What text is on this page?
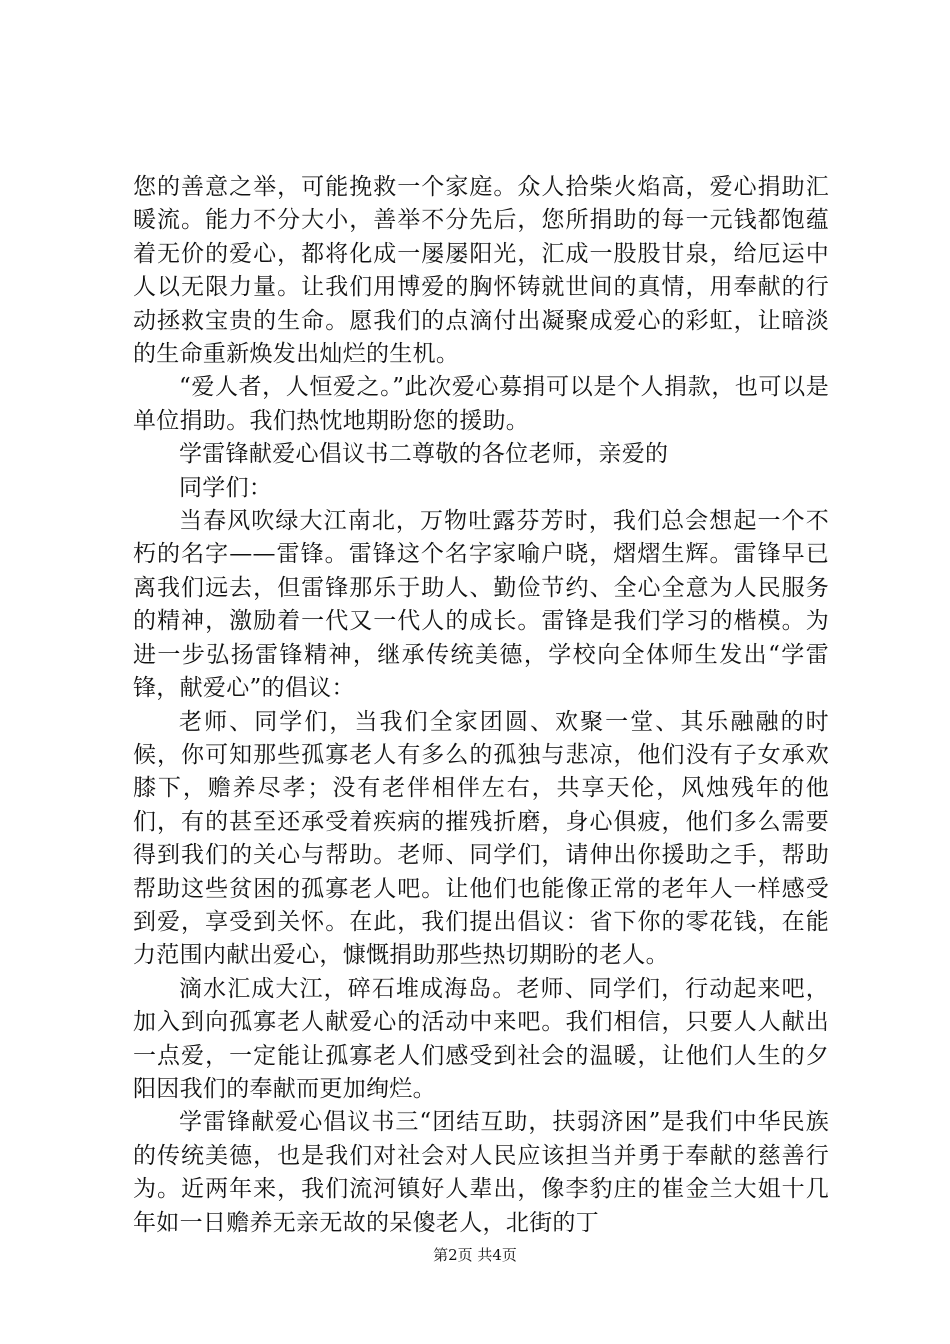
您的善意之举，可能挽救一个家庭。众人拾柴火焰高，爱心捐助汇暖流。能力不分大小，善举不分先后，您所捐助的每一元钱都饱蕴着无价的爱心，都将化成一屡屡阳光，汇成一股股甘泉，给厄运中人以无限力量。让我们用博爱的胸怀铸就世间的真情，用奉献的行动拯救宝贵的生命。愿我们的点滴付出凝聚成爱心的彩虹，让暗淡的生命重新焕发出灿烂的生机。

“爱人者，人恒爱之。”此次爱心募捐可以是个人捐款，也可以是单位捐助。我们热忱地期盼您的援助。

学雷锋献爱心倡议书二尊敬的各位老师，亲爱的

同学们：

当春风吹绿大江南北，万物吐露芬芳时，我们总会想起一个不朽的名字——雷锋。雷锋这个名字家喻户晓，熠熠生辉。雷锋早已离我们远去，但雷锋那乐于助人、勤俭节约、全心全意为人民服务的精神，激励着一代又一代人的成长。雷锋是我们学习的楷模。为进一步弘扬雷锋精神，继承传统美德，学校向全体师生发出“学雷锋，献爱心”的倡议：

老师、同学们，当我们全家团圆、欢聚一堂、其乐融融的时候，你可知那些孤寡老人有多么的孤独与悲凉，他们没有子女承欢膝下，赡养尽孝；没有老伴相伴左右，共享天伦，风烛残年的他们，有的甚至还承受着疾病的摧残折磨，身心俱疲，他们多么需要得到我们的关心与帮助。老师、同学们，请伸出你援助之手，帮助帮助这些贫困的孤寡老人吧。让他们也能像正常的老年人一样感受到爱，享受到关怀。在此，我们提出倡议：省下你的零花钱，在能力范围内献出爱心，慷慨捐助那些热切期盼的老人。

滴水汇成大江，碎石堆成海岛。老师、同学们，行动起来吧，加入到向孤寡老人献爱心的活动中来吧。我们相信，只要人人献出一点爱，一定能让孤寡老人们感受到社会的温暖，让他们人生的夕阳因我们的奉献而更加绚烂。

学雷锋献爱心倡议书三“团结互助，扶弱济困”是我们中华民族的传统美德，也是我们对社会对人民应该担当并勇于奉献的慈善行为。近两年来，我们流河镇好人辈出，像李豹庄的崔金兰大姐十几年如一日赡养无亲无故的呆傻老人，北街的丁

第2页 共4页
